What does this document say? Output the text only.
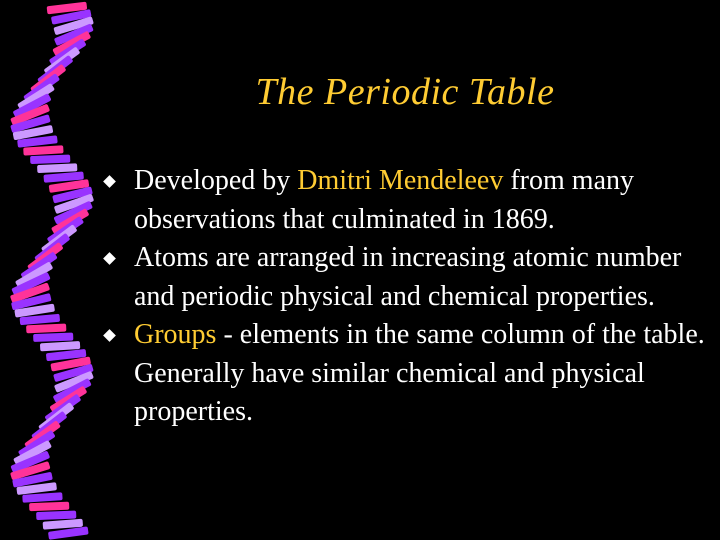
The Periodic Table
Developed by Dmitri Mendeleev from many observations that culminated in 1869.
Atoms are arranged in increasing atomic number and periodic physical and chemical properties.
Groups - elements in the same column of the table. Generally have similar chemical and physical properties.
